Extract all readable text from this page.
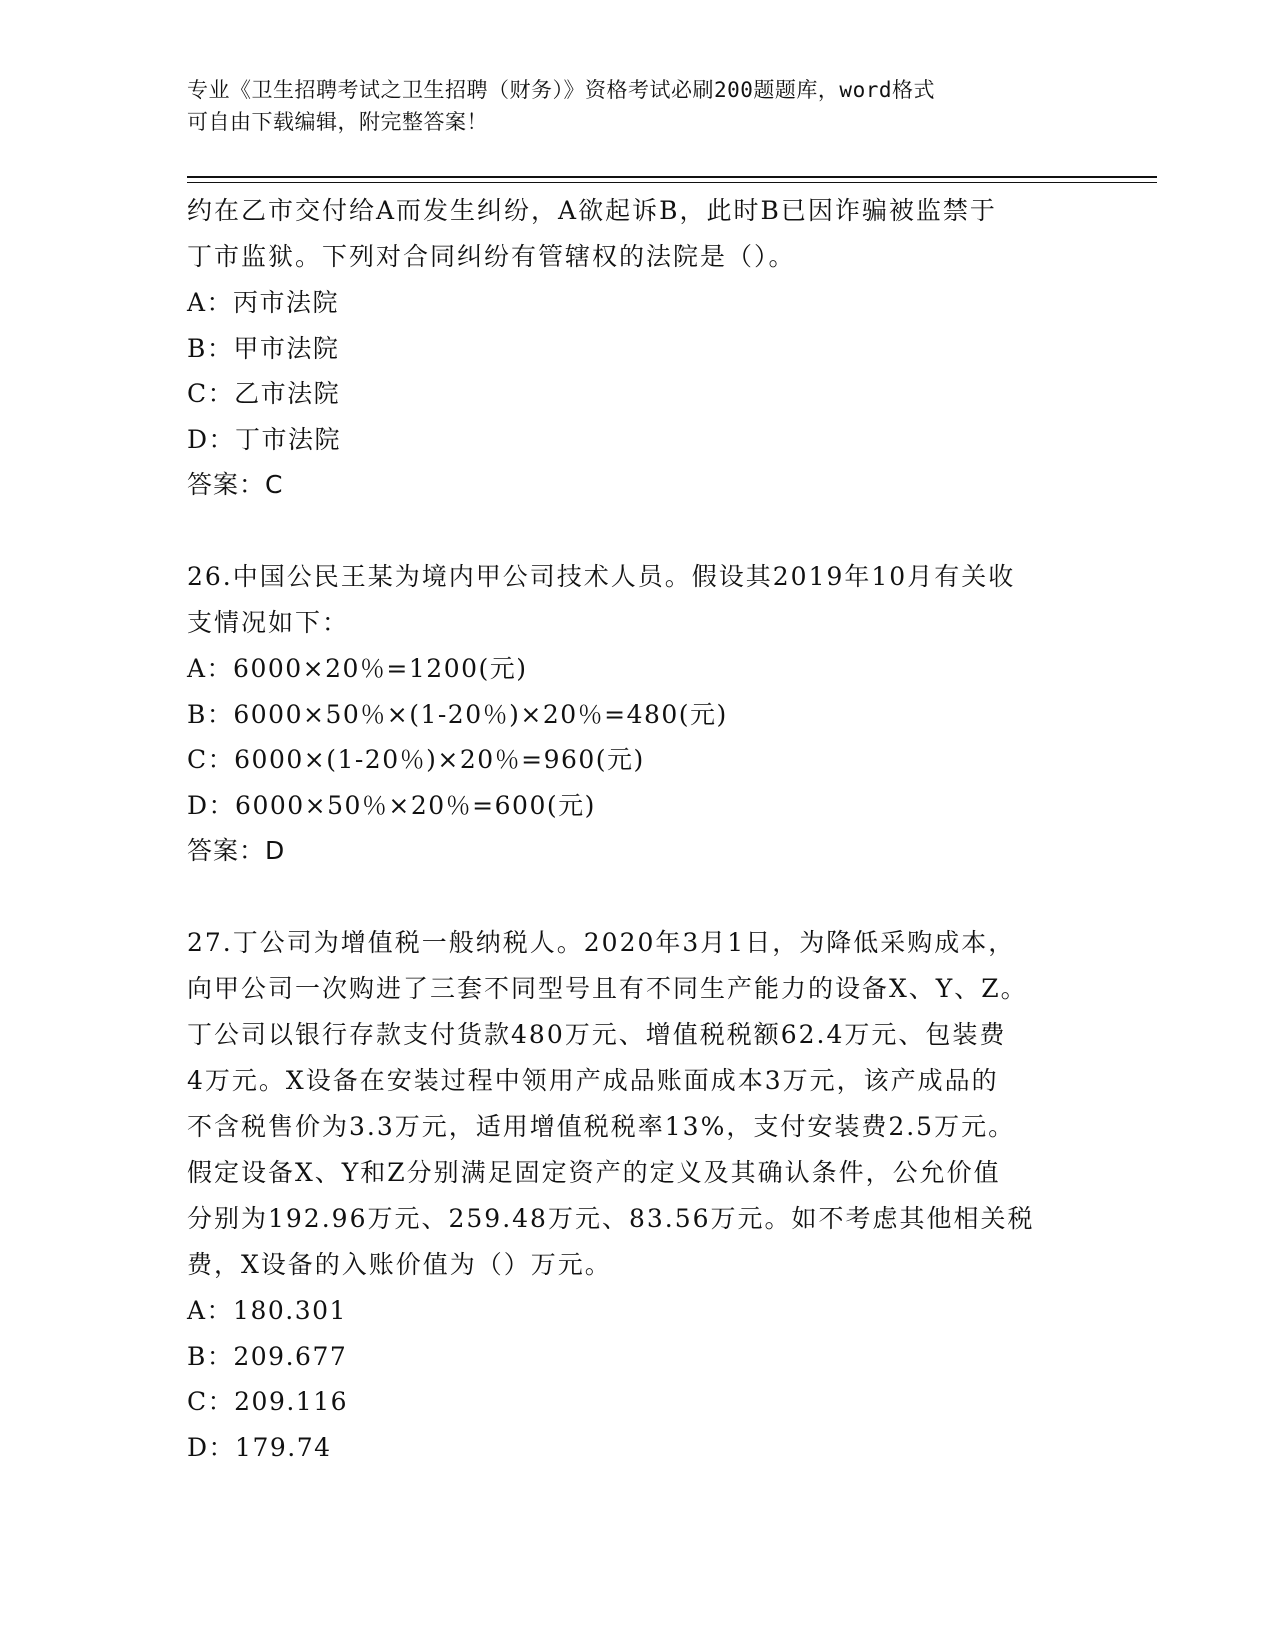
专业《卫生招聘考试之卫生招聘（财务）》资格考试必刷200题题库，word格式
可自由下载编辑，附完整答案！

约在乙市交付给A而发生纠纷，A欲起诉B，此时B已因诈骗被监禁于

丁市监狱。下列对合同纠纷有管辖权的法院是（）。

A：丙市法院

B：甲市法院

C：乙市法院

D：丁市法院

答案：C

26.中国公民王某为境内甲公司技术人员。假设其2019年10月有关收

支情况如下：

A：6000×20％=1200(元)

B：6000×50％×(1-20％)×20％=480(元)

C：6000×(1-20％)×20％=960(元)

D：6000×50％×20％=600(元)

答案：D

27.丁公司为增值税一般纳税人。2020年3月1日，为降低采购成本，

向甲公司一次购进了三套不同型号且有不同生产能力的设备X、Y、Z。

丁公司以银行存款支付货款480万元、增值税税额62.4万元、包装费

4万元。X设备在安装过程中领用产成品账面成本3万元，该产成品的

不含税售价为3.3万元，适用增值税税率13%，支付安装费2.5万元。

假定设备X、Y和Z分别满足固定资产的定义及其确认条件，公允价值

分别为192.96万元、259.48万元、83.56万元。如不考虑其他相关税

费，X设备的入账价值为（）万元。

A：180.301

B：209.677

C：209.116

D：179.74
